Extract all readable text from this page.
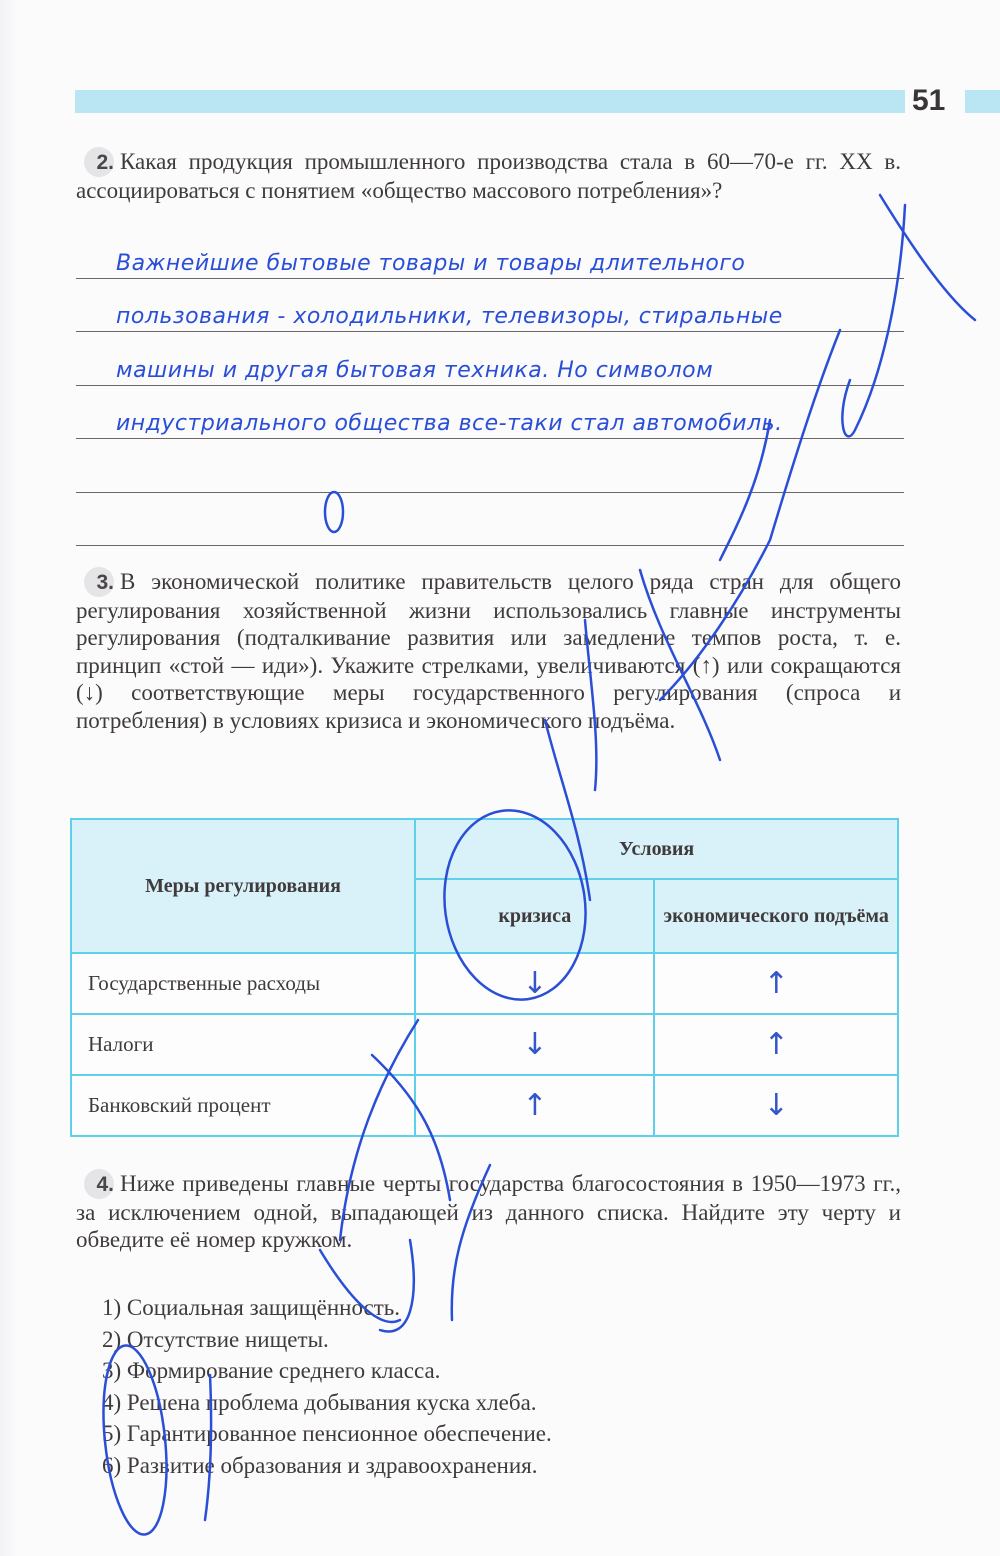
51

2. Какая продукция промышленного производства стала в 60—70-е гг. XX в. ассоциироваться с понятием «общество массового потребления»?

Важнейшие бытовые товары и товары длительного
пользования - холодильники, телевизоры, стиральные
машины и другая бытовая техника. Но символом
индустриального общества все-таки стал автомобиль.

3. В экономической политике правительств целого ряда стран для общего регулирования хозяйственной жизни использовались главные инструменты регулирования (подталкивание развития или замедление темпов роста, т. е. принцип «стой — иди»). Укажите стрелками, увеличиваются (↑) или сокращаются (↓) соответствующие меры государственного регулирования (спроса и потребления) в условиях кризиса и экономического подъёма.

Меры регулирования	Условия	
	кризиса	экономического подъёма
Государственные расходы	↓	↑

Налоги	↓	↑

Банковский процент	↑	↓

4. Ниже приведены главные черты государства благосостояния в 1950—1973 гг., за исключением одной, выпадающей из данного списка. Найдите эту черту и обведите её номер кружком.

1) Социальная защищённость.
2) Отсутствие нищеты.
3) Формирование среднего класса.
4) Решена проблема добывания куска хлеба.
5) Гарантированное пенсионное обеспечение.
6) Развитие образования и здравоохранения.
